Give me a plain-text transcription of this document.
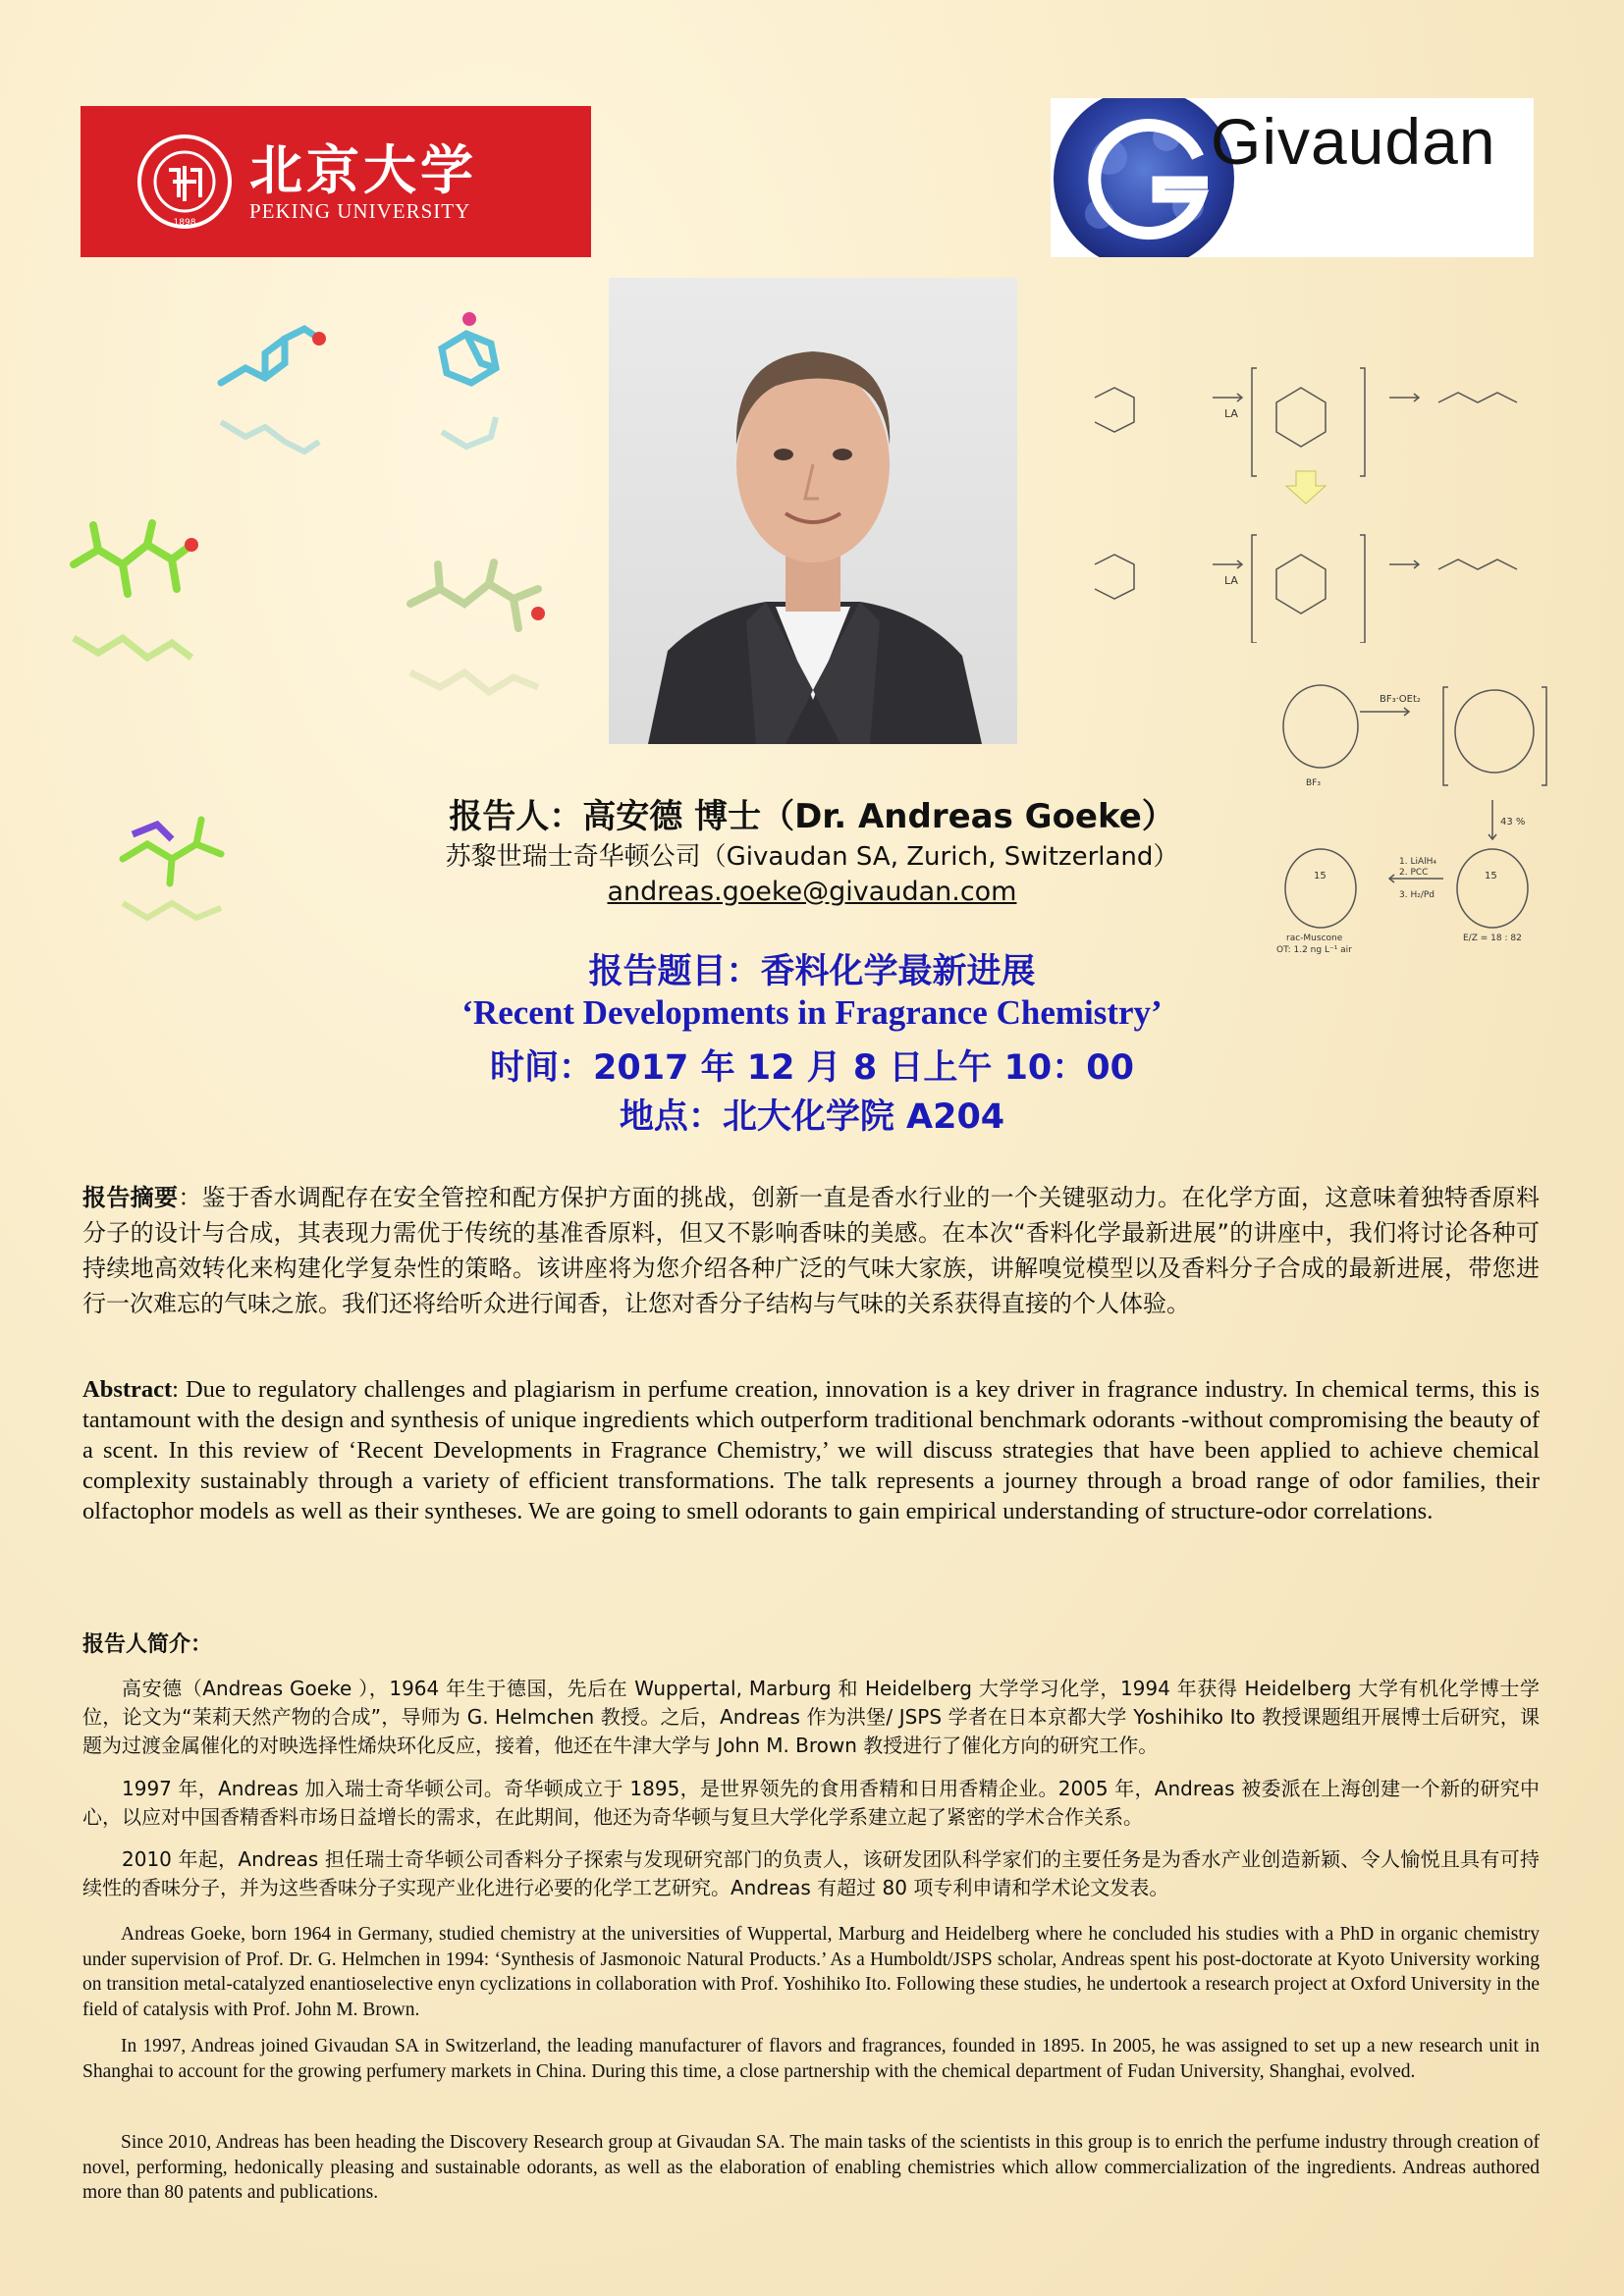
1898
北京大学
PEKING UNIVERSITY
Givaudan
LA
LA
BF₃·OEt₂
BF₃
43 %
1. LiAlH₄
2. PCC
3. H₂/Pd
15	15
rac-Muscone
OT: 1.2 ng L⁻¹ air
E/Z = 18 : 82
报告人：高安德 博士（Dr. Andreas Goeke）
苏黎世瑞士奇华顿公司（Givaudan SA, Zurich, Switzerland）
andreas.goeke@givaudan.com
报告题目：香料化学最新进展
‘Recent Developments in Fragrance Chemistry’
时间：2017 年 12 月 8 日上午 10：00
地点：北大化学院 A204
报告摘要：鉴于香水调配存在安全管控和配方保护方面的挑战，创新一直是香水行业的一个关键驱动力。在化学方面，这意味着独特香原料分子的设计与合成，其表现力需优于传统的基准香原料，但又不影响香味的美感。在本次“香料化学最新进展”的讲座中，我们将讨论各种可持续地高效转化来构建化学复杂性的策略。该讲座将为您介绍各种广泛的气味大家族，讲解嗅觉模型以及香料分子合成的最新进展，带您进行一次难忘的气味之旅。我们还将给听众进行闻香，让您对香分子结构与气味的关系获得直接的个人体验。
Abstract: Due to regulatory challenges and plagiarism in perfume creation, innovation is a key driver in fragrance industry. In chemical terms, this is tantamount with the design and synthesis of unique ingredients which outperform traditional benchmark odorants -without compromising the beauty of a scent. In this review of ‘Recent Developments in Fragrance Chemistry,’ we will discuss strategies that have been applied to achieve chemical complexity sustainably through a variety of efficient transformations. The talk represents a journey through a broad range of odor families, their olfactophor models as well as their syntheses. We are going to smell odorants to gain empirical understanding of structure-odor correlations.
报告人简介：
高安德（Andreas Goeke ），1964 年生于德国，先后在 Wuppertal, Marburg 和 Heidelberg 大学学习化学，1994 年获得 Heidelberg 大学有机化学博士学位，论文为“茉莉天然产物的合成”，导师为 G. Helmchen 教授。之后，Andreas 作为洪堡/ JSPS 学者在日本京都大学 Yoshihiko Ito 教授课题组开展博士后研究，课题为过渡金属催化的对映选择性烯炔环化反应，接着，他还在牛津大学与 John M. Brown 教授进行了催化方向的研究工作。
1997 年，Andreas 加入瑞士奇华顿公司。奇华顿成立于 1895，是世界领先的食用香精和日用香精企业。2005 年，Andreas 被委派在上海创建一个新的研究中心，以应对中国香精香料市场日益增长的需求，在此期间，他还为奇华顿与复旦大学化学系建立起了紧密的学术合作关系。
2010 年起，Andreas 担任瑞士奇华顿公司香料分子探索与发现研究部门的负责人，该研发团队科学家们的主要任务是为香水产业创造新颖、令人愉悦且具有可持续性的香味分子，并为这些香味分子实现产业化进行必要的化学工艺研究。Andreas 有超过 80 项专利申请和学术论文发表。
Andreas Goeke, born 1964 in Germany, studied chemistry at the universities of Wuppertal, Marburg and Heidelberg where he concluded his studies with a PhD in organic chemistry under supervision of Prof. Dr. G. Helmchen in 1994: ‘Synthesis of Jasmonoic Natural Products.’ As a Humboldt/JSPS scholar, Andreas spent his post-doctorate at Kyoto University working on transition metal-catalyzed enantioselective enyn cyclizations in collaboration with Prof. Yoshihiko Ito. Following these studies, he undertook a research project at Oxford University in the field of catalysis with Prof. John M. Brown.
In 1997, Andreas joined Givaudan SA in Switzerland, the leading manufacturer of flavors and fragrances, founded in 1895. In 2005, he was assigned to set up a new research unit in Shanghai to account for the growing perfumery markets in China. During this time, a close partnership with the chemical department of Fudan University, Shanghai, evolved.
Since 2010, Andreas has been heading the Discovery Research group at Givaudan SA. The main tasks of the scientists in this group is to enrich the perfume industry through creation of novel, performing, hedonically pleasing and sustainable odorants, as well as the elaboration of enabling chemistries which allow commercialization of the ingredients. Andreas authored more than 80 patents and publications.
